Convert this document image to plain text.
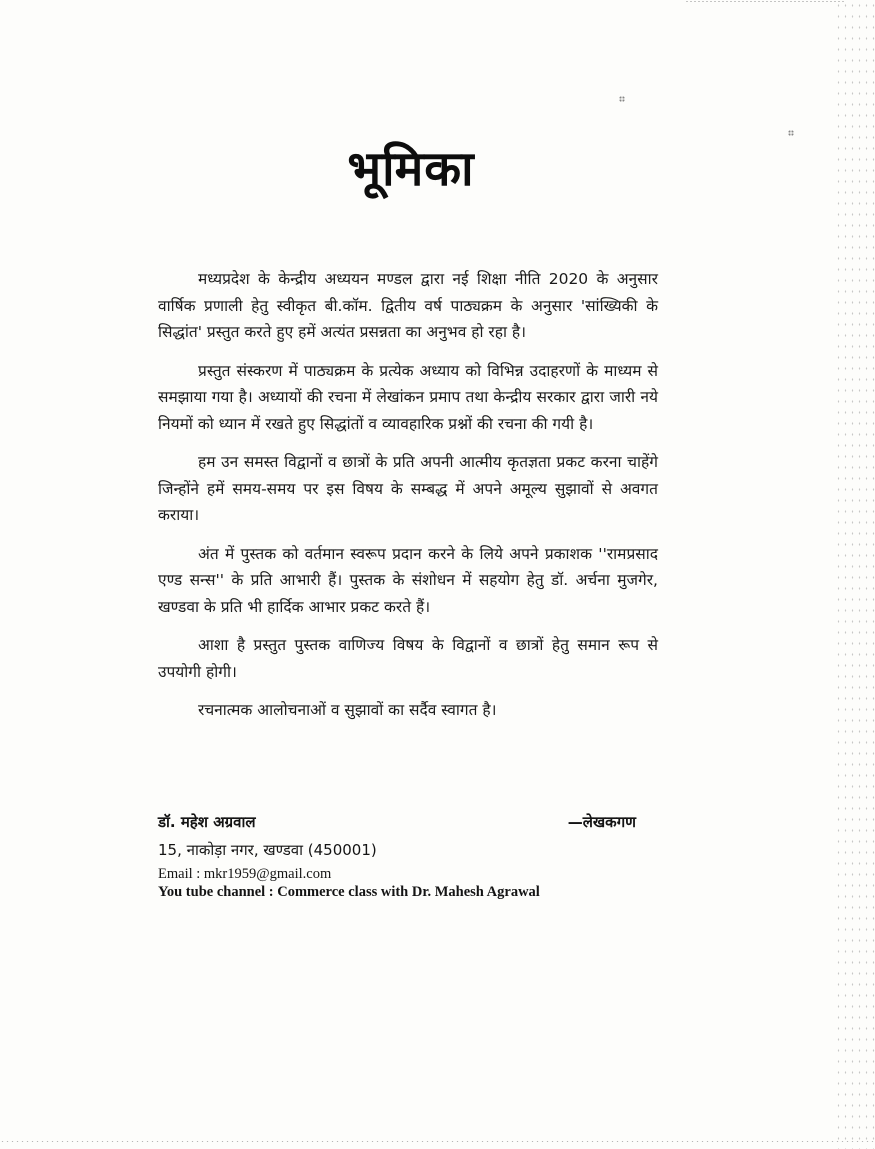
भूमिका

मध्यप्रदेश के केन्द्रीय अध्ययन मण्डल द्वारा नई शिक्षा नीति 2020 के अनुसार वार्षिक प्रणाली हेतु स्वीकृत बी.कॉम. द्वितीय वर्ष पाठ्यक्रम के अनुसार 'सांख्यिकी के सिद्धांत' प्रस्तुत करते हुए हमें अत्यंत प्रसन्नता का अनुभव हो रहा है।

प्रस्तुत संस्करण में पाठ्यक्रम के प्रत्येक अध्याय को विभिन्न उदाहरणों के माध्यम से समझाया गया है। अध्यायों की रचना में लेखांकन प्रमाप तथा केन्द्रीय सरकार द्वारा जारी नये नियमों को ध्यान में रखते हुए सिद्धांतों व व्यावहारिक प्रश्नों की रचना की गयी है।

हम उन समस्त विद्वानों व छात्रों के प्रति अपनी आत्मीय कृतज्ञता प्रकट करना चाहेंगे जिन्होंने हमें समय-समय पर इस विषय के सम्बद्ध में अपने अमूल्य सुझावों से अवगत कराया।

अंत में पुस्तक को वर्तमान स्वरूप प्रदान करने के लिये अपने प्रकाशक ''रामप्रसाद एण्ड सन्स'' के प्रति आभारी हैं। पुस्तक के संशोधन में सहयोग हेतु डॉ. अर्चना मुजगेर, खण्डवा के प्रति भी हार्दिक आभार प्रकट करते हैं।

आशा है प्रस्तुत पुस्तक वाणिज्य विषय के विद्वानों व छात्रों हेतु समान रूप से उपयोगी होगी।

रचनात्मक आलोचनाओं व सुझावों का सर्दैव स्वागत है।

डॉ. महेश अग्रवाल	—लेखकगण
15, नाकोड़ा नगर, खण्डवा (450001)
Email : mkr1959@gmail.com
You tube channel : Commerce class with Dr. Mahesh Agrawal
